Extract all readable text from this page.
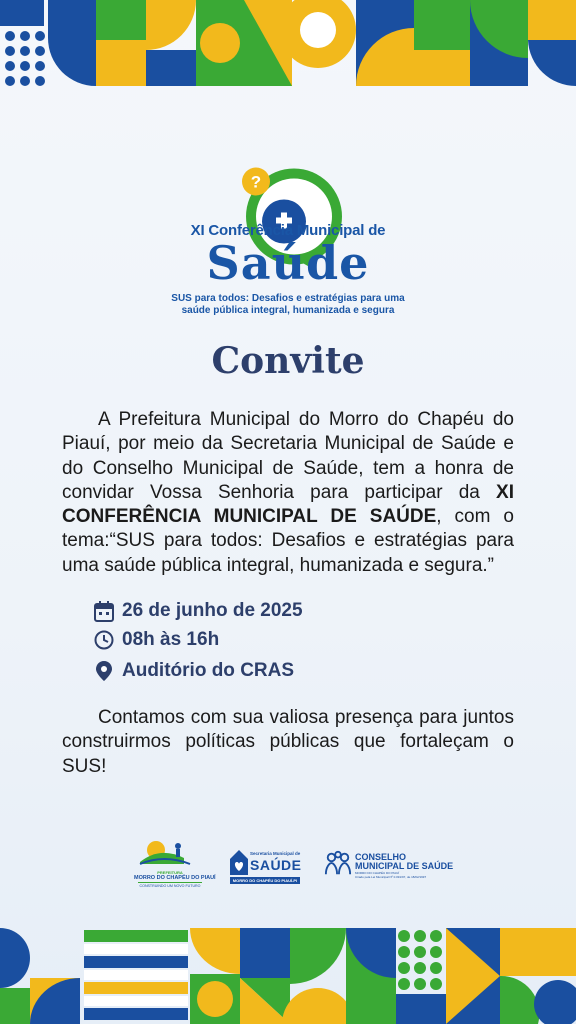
?
XI Conferência Municipal de
Saúde
SUS para todos: Desafios e estratégias para uma
saúde pública integral, humanizada e segura
Convite

A Prefeitura Municipal do Morro do Chapéu do Piauí, por meio da Secretaria Municipal de Saúde e do Conselho Municipal de Saúde, tem a honra de convidar Vossa Senhoria para participar da XI CONFERÊNCIA MUNICIPAL DE SAÚDE, com o tema:“SUS para todos: Desafios e estratégias para uma saúde pública integral, humanizada e segura.”

26 de junho de 2025
08h às 16h
Auditório do CRAS

Contamos com sua valiosa presença para juntos construirmos políticas públicas que fortaleçam o SUS!

PREFEITURA
MORRO DO CHAPÉU DO PIAUÍ
CONSTRUINDO UM NOVO FUTURO
Secretaria Municipal de
SAÚDE
MORRO DO CHAPÉU DO PIAUÍ-PI
CONSELHO
MUNICIPAL DE SAÚDE
MORRO DO CHAPÉU DO PIAUÍ
Criado pela Lei Municipal Nº 0.091/97, de 18/02/1997
